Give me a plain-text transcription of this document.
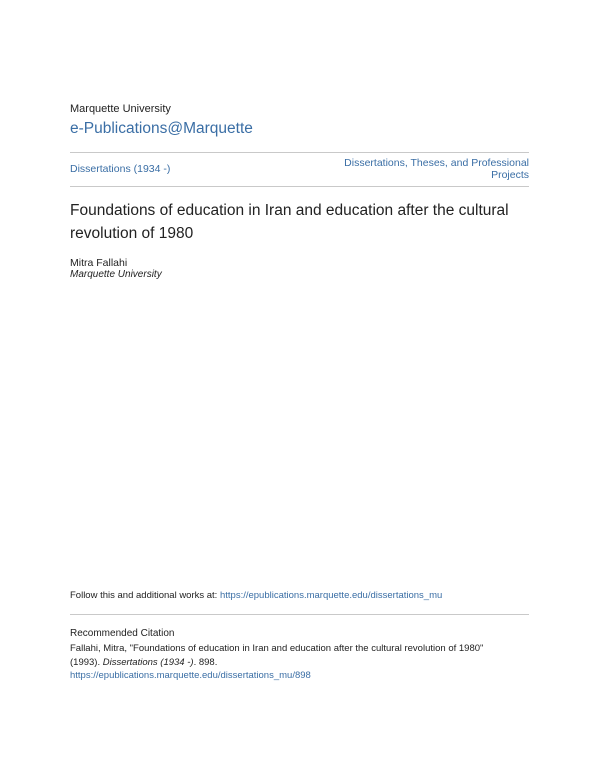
Marquette University
e-Publications@Marquette
Dissertations (1934 -)	Dissertations, Theses, and Professional Projects
Foundations of education in Iran and education after the cultural revolution of 1980
Mitra Fallahi
Marquette University
Follow this and additional works at: https://epublications.marquette.edu/dissertations_mu
Recommended Citation
Fallahi, Mitra, "Foundations of education in Iran and education after the cultural revolution of 1980"
(1993). Dissertations (1934 -). 898.
https://epublications.marquette.edu/dissertations_mu/898
